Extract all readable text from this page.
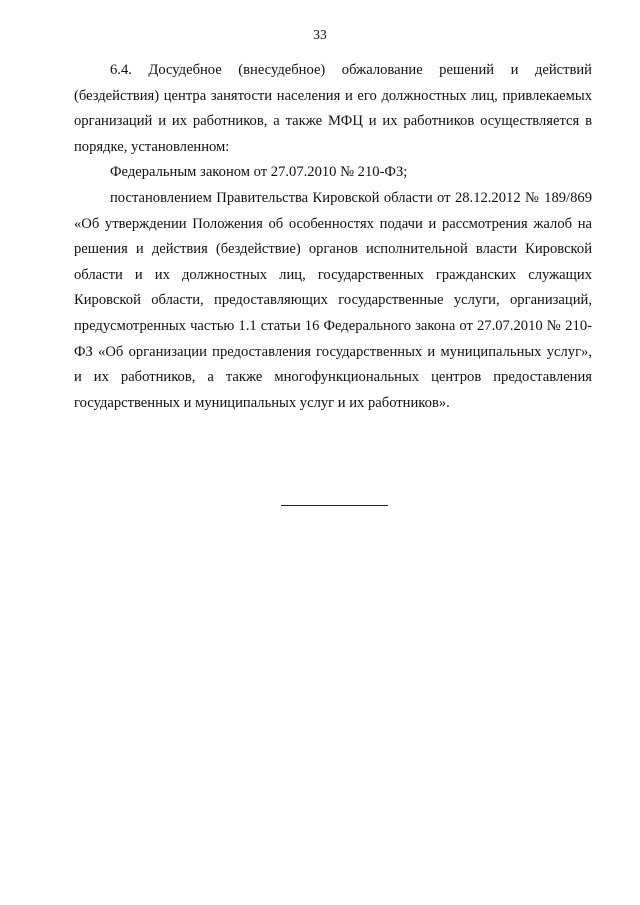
33

6.4. Досудебное (внесудебное) обжалование решений и действий (бездействия) центра занятости населения и его должностных лиц, привлекаемых организаций и их работников, а также МФЦ и их работников осуществляется в порядке, установленном:

Федеральным законом от 27.07.2010 № 210-ФЗ;

постановлением Правительства Кировской области от 28.12.2012 № 189/869 «Об утверждении Положения об особенностях подачи и рассмотрения жалоб на решения и действия (бездействие) органов исполнительной власти Кировской области и их должностных лиц, государственных гражданских служащих Кировской области, предоставляющих государственные услуги, организаций, предусмотренных частью 1.1 статьи 16 Федерального закона от 27.07.2010 № 210-ФЗ «Об организации предоставления государственных и муниципальных услуг», и их работников, а также многофункциональных центров предоставления государственных и муниципальных услуг и их работников».
